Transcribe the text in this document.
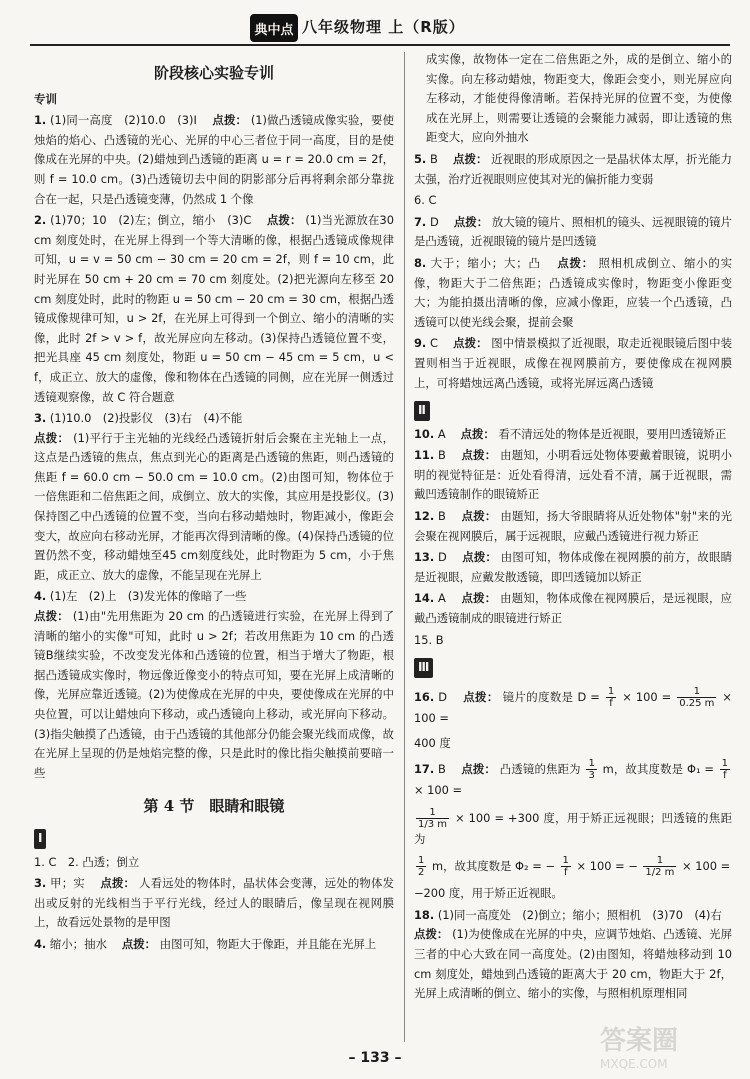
典中点 八年级物理 上（R版）
阶段核心实验专训
专训
1. (1)同一高度　(2)10.0　(3)Ⅰ　 点拨： (1)做凸透镜成像实验，要使烛焰的焰心、凸透镜的光心、光屏的中心三者位于同一高度，目的是使像成在光屏的中央。(2)蜡烛到凸透镜的距离 u = r = 20.0 cm = 2f，则 f = 10.0 cm。(3)凸透镜切去中间的阴影部分后再将剩余部分靠拢合在一起，只是凸透镜变薄，仍然成 1 个像
2. (1)70；10　(2)左；倒立，缩小　(3)C　 点拨： (1)当光源放在30 cm 刻度处时，在光屏上得到一个等大清晰的像，根据凸透镜成像规律可知，u = v = 50 cm − 30 cm = 20 cm = 2f，则 f = 10 cm，此时光屏在 50 cm + 20 cm = 70 cm 刻度处。(2)把光源向左移至 20 cm 刻度处时，此时的物距 u = 50 cm − 20 cm = 30 cm，根据凸透镜成像规律可知，u > 2f，在光屏上可得到一个倒立、缩小的清晰的实像，此时 2f > v > f，故光屏应向左移动。(3)保持凸透镜位置不变，把光具座 45 cm 刻度处，物距 u = 50 cm − 45 cm = 5 cm，u < f，成正立、放大的虚像，像和物体在凸透镜的同侧，应在光屏一侧透过透镜观察像，故 C 符合题意
3. (1)10.0　(2)投影仪　(3)右　(4)不能
点拨： (1)平行于主光轴的光线经凸透镜折射后会聚在主光轴上一点，这点是凸透镜的焦点，焦点到光心的距离是凸透镜的焦距，则凸透镜的焦距 f = 60.0 cm − 50.0 cm = 10.0 cm。(2)由图可知，物体位于一倍焦距和二倍焦距之间，成倒立、放大的实像，其应用是投影仪。(3)保持图乙中凸透镜的位置不变，当向右移动蜡烛时，物距减小，像距会变大，故应向右移动光屏，才能再次得到清晰的像。(4)保持凸透镜的位置仍然不变，移动蜡烛至45 cm刻度线处，此时物距为 5 cm，小于焦距，成正立、放大的虚像，不能呈现在光屏上
4. (1)左　(2)上　(3)发光体的像暗了一些
点拨： (1)由"先用焦距为 20 cm 的凸透镜进行实验，在光屏上得到了清晰的缩小的实像"可知，此时 u > 2f；若改用焦距为 10 cm 的凸透镜B继续实验，不改变发光体和凸透镜的位置，相当于增大了物距，根据凸透镜成实像时，物远像近像变小的特点可知，要在光屏上成清晰的像，光屏应靠近透镜。(2)为使像成在光屏的中央，要使像成在光屏的中央位置，可以让蜡烛向下移动，或凸透镜向上移动，或光屏向下移动。(3)指尖触摸了凸透镜，由于凸透镜的其他部分仍能会聚光线而成像，故在光屏上呈现的仍是烛焰完整的像，只是此时的像比指尖触摸前要暗一些
第 4 节　眼睛和眼镜
Ⅰ
1. C　2. 凸透；倒立
3. 甲；实　 点拨： 人看远处的物体时，晶状体会变薄，远处的物体发出或反射的光线相当于平行光线，经过人的眼睛后，像呈现在视网膜上，故看远处景物的是甲图
4. 缩小；抽水　 点拨： 由图可知，物距大于像距，并且能在光屏上
成实像，故物体一定在二倍焦距之外，成的是倒立、缩小的实像。向左移动蜡烛，物距变大，像距会变小，则光屏应向左移动，才能使得像清晰。若保持光屏的位置不变，为使像成在光屏上，则需要让透镜的会聚能力减弱，即让透镜的焦距变大，应向外抽水
5. B　 点拨： 近视眼的形成原因之一是晶状体太厚，折光能力太强，治疗近视眼则应使其对光的偏折能力变弱
6. C
7. D　 点拨： 放大镜的镜片、照相机的镜头、远视眼镜的镜片是凸透镜，近视眼镜的镜片是凹透镜
8. 大于；缩小；大；凸　 点拨： 照相机成倒立、缩小的实像，物距大于二倍焦距；凸透镜成实像时，物距变小像距变大；为能拍摄出清晰的像，应减小像距，应装一个凸透镜，凸透镜可以使光线会聚，提前会聚
9. C　 点拨： 图中情景模拟了近视眼，取走近视眼镜后图中装置则相当于近视眼，成像在视网膜前方，要使像成在视网膜上，可将蜡烛远离凸透镜，或将光屏远离凸透镜
Ⅱ
10. A　 点拨： 看不清远处的物体是近视眼，要用凹透镜矫正
11. B　 点拨： 由题知，小明看远处物体要戴着眼镜，说明小明的视觉特征是：近处看得清，远处看不清，属于近视眼，需戴凹透镜制作的眼镜矫正
12. B　 点拨： 由题知，扬大爷眼睛将从近处物体"射"来的光会聚在视网膜后，属于远视眼，应戴凸透镜进行视力矫正
13. D　 点拨： 由图可知，物体成像在视网膜的前方，故眼睛是近视眼，应戴发散透镜，即凹透镜加以矫正
14. A　 点拨： 由题知，物体成像在视网膜后，是远视眼，应戴凸透镜制成的眼镜进行矫正
15. B
Ⅲ
16. D　 点拨： 镜片的度数是 $D = \frac{1}{f} \times 100 = \frac{1}{0.25 m} \times 100$ =
400 度
17. B　 点拨： 凸透镜的焦距为 $\frac{1}{3}$ m，故其度数是 $\Phi_1 = \frac{1}{f}$
× 100 =
$\frac{1}{1/3 m} \times 100 = +300$ 度，用于矫正远视眼；凹透镜的焦距为
$\frac{1}{2}$ m，故其度数是 Φ₂ = − $\frac{1}{f} \times 100$ = − $\frac{1}{1/2 m} \times 100$ =
−200 度，用于矫正近视眼。
18. (1)同一高度处　(2)倒立；缩小；照相机　(3)70　(4)右
点拨： (1)为使像成在光屏的中央，应调节烛焰、凸透镜、光屏三者的中心大致在同一高度处。(2)由图知，将蜡烛移动到 10 cm 刻度处，蜡烛到凸透镜的距离大于 20 cm，物距大于 2f，光屏上成清晰的倒立、缩小的实像，与照相机原理相同
– 133 –
答案圈
MXQE.COM
